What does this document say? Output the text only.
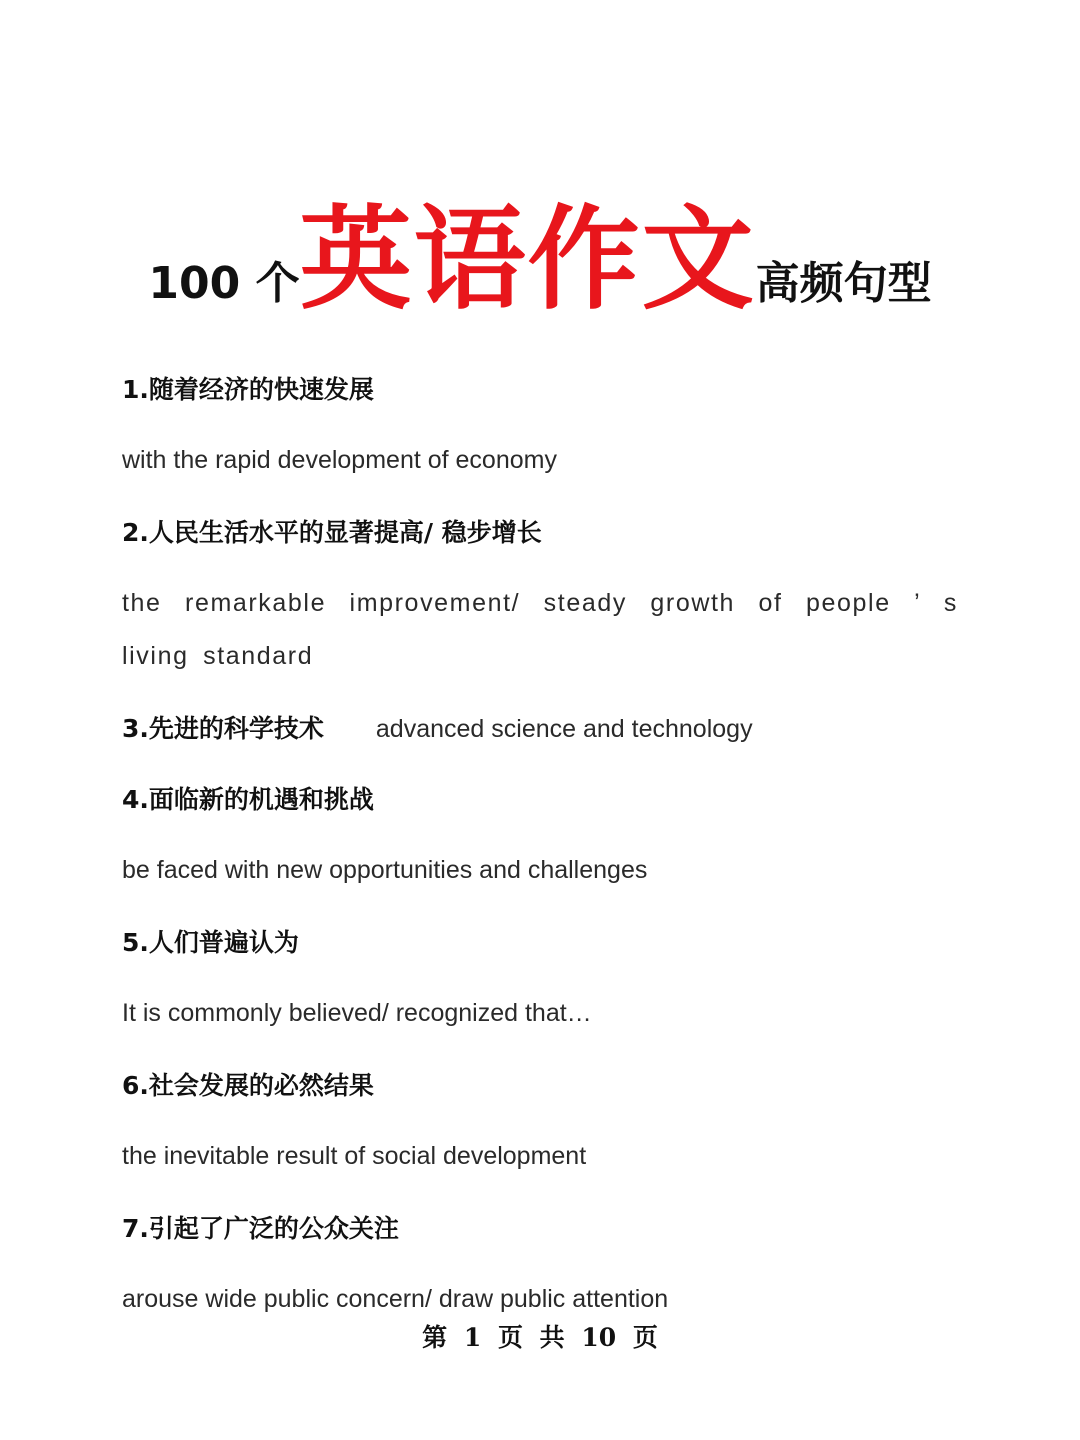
100 个英语作文高频句型

1.随着经济的快速发展

with the rapid development of economy

2.人民生活水平的显著提高/ 稳步增长

the remarkable improvement/ steady growth of people ’ s living standard

3.先进的科学技术 advanced science and technology

4.面临新的机遇和挑战

be faced with new opportunities and challenges

5.人们普遍认为

It is commonly believed/ recognized that…

6.社会发展的必然结果

the inevitable result of social development

7.引起了广泛的公众关注

arouse wide public concern/ draw public attention

第 1 页 共 10 页
